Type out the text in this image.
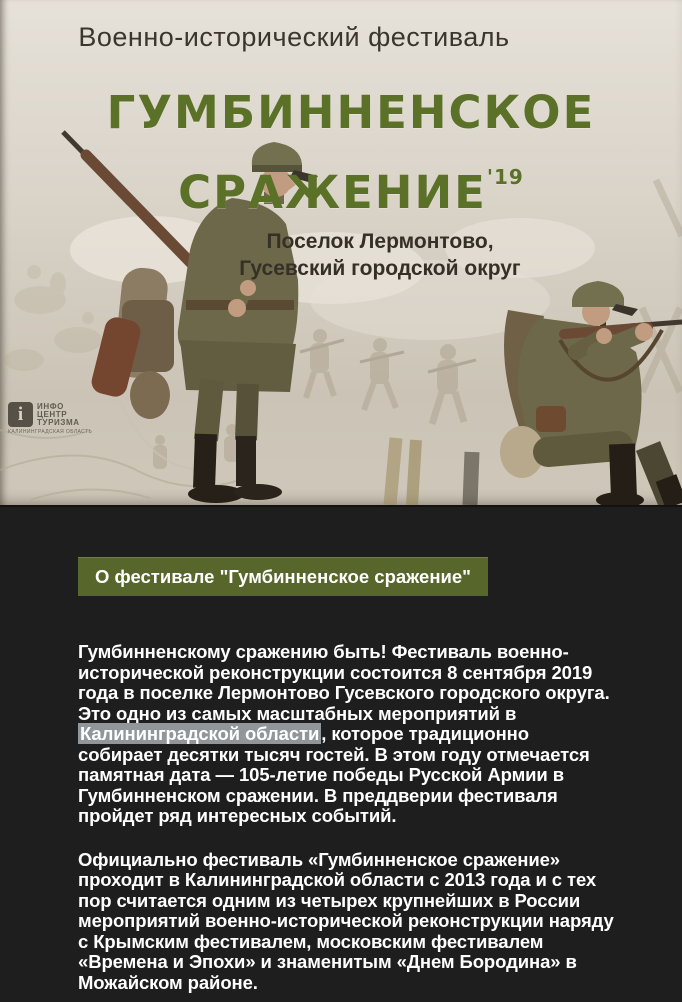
Военно-исторический фестиваль
ГУМБИННЕНСКОЕ
$СРАЖЕНИЕ^{'19}$
Поселок Лермонтово,
Гусевский городской округ
i	ИНФО
ЦЕНТР
ТУРИЗМА
КАЛИНИНГРАДСКАЯ ОБЛАСТЬ
О фестивале "Гумбинненское сражение"

Гумбинненскому сражению быть! Фестиваль военно-исторической реконструкции состоится 8 сентября 2019 года в поселке Лермонтово Гусевского городского округа. Это одно из самых масштабных мероприятий в Калининградской области , которое традиционно собирает десятки тысяч гостей. В этом году отмечается памятная дата — 105-летие победы Русской Армии в Гумбинненском сражении. В преддверии фестиваля пройдет ряд интересных событий.

Официально фестиваль «Гумбинненское сражение» проходит в Калининградской области с 2013 года и с тех пор считается одним из четырех крупнейших в России мероприятий военно-исторической реконструкции наряду с Крымским фестивалем, московским фестивалем «Времена и Эпохи» и знаменитым «Днем Бородина» в Можайском районе.
